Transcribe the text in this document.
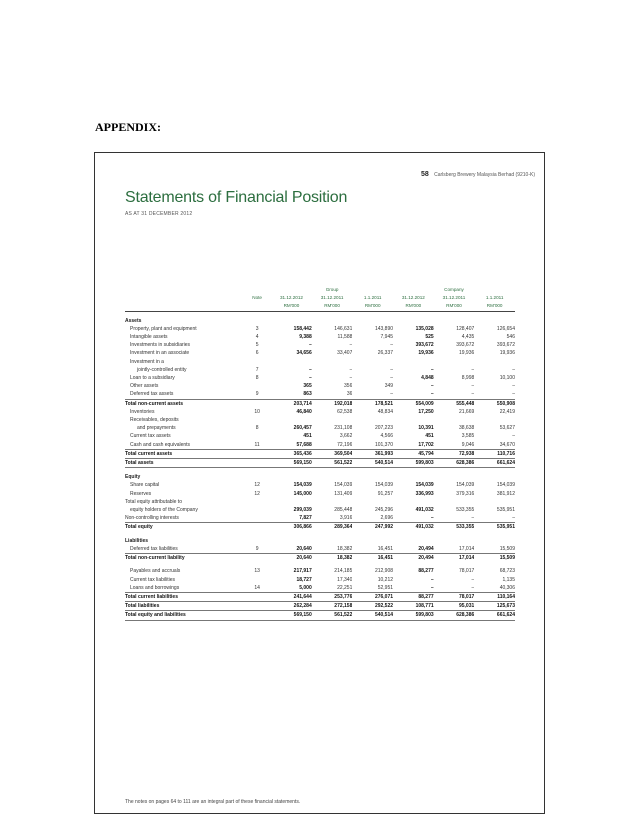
APPENDIX:
58 Carlsberg Brewery Malaysia Berhad (9210-K)
Statements of Financial Position
AS AT 31 DECEMBER 2012
		Group			Company		
	Note	31.12.2012	31.12.2011	1.1.2011	31.12.2012	31.12.2011	1.1.2011
		RM'000	RM'000	RM'000	RM'000	RM'000	RM'000

Assets							
Property, plant and equipment	3	158,442	146,631	143,890	135,028	128,407	126,654
Intangible assets	4	9,388	11,588	7,945	525	4,435	546
Investments in subsidiaries	5	–	–	–	393,672	393,672	393,672
Investment in an associate	6	34,656	33,407	26,337	19,936	19,936	19,936
Investment in a							
jointly-controlled entity	7	–	–	–	–	–	–
Loan to a subsidiary	8	–	–	–	4,848	8,998	10,100
Other assets		365	356	349	–	–	–
Deferred tax assets	9	863	36	–	–	–	–
Total non-current assets		203,714	192,018	178,521	554,009	555,448	550,908
Inventories	10	46,840	62,538	48,834	17,250	21,669	22,419
Receivables, deposits							
and prepayments	8	260,457	231,108	207,223	10,391	38,638	53,627
Current tax assets		451	3,662	4,566	451	3,585	–
Cash and cash equivalents	11	57,688	72,196	101,370	17,702	9,046	34,670
Total current assets		365,436	369,504	361,993	45,794	72,938	110,716
Total assets		569,150	561,522	540,514	599,803	628,386	661,624

Equity							
Share capital	12	154,039	154,039	154,039	154,039	154,039	154,039
Reserves	12	145,000	131,409	91,257	336,993	379,316	381,912
Total equity attributable to							
equity holders of the Company		299,039	285,448	245,296	491,032	533,355	535,951
Non-controlling interests		7,827	3,916	2,696	–	–	–
Total equity		306,866	289,364	247,992	491,032	533,355	535,951

Liabilities							
Deferred tax liabilities	9	20,640	18,382	16,451	20,494	17,014	15,509
Total non-current liability		20,640	18,382	16,451	20,494	17,014	15,509

Payables and accruals	13	217,917	214,185	212,908	88,277	78,017	68,723
Current tax liabilities		18,727	17,340	10,212	–	–	1,135
Loans and borrowings	14	5,000	22,251	52,951	–	–	40,306
Total current liabilities		241,644	253,776	276,071	88,277	78,017	110,164
Total liabilities		262,284	272,158	292,522	108,771	95,031	125,673
Total equity and liabilities		569,150	561,522	540,514	599,803	628,386	661,624
The notes on pages 64 to 111 are an integral part of these financial statements.
